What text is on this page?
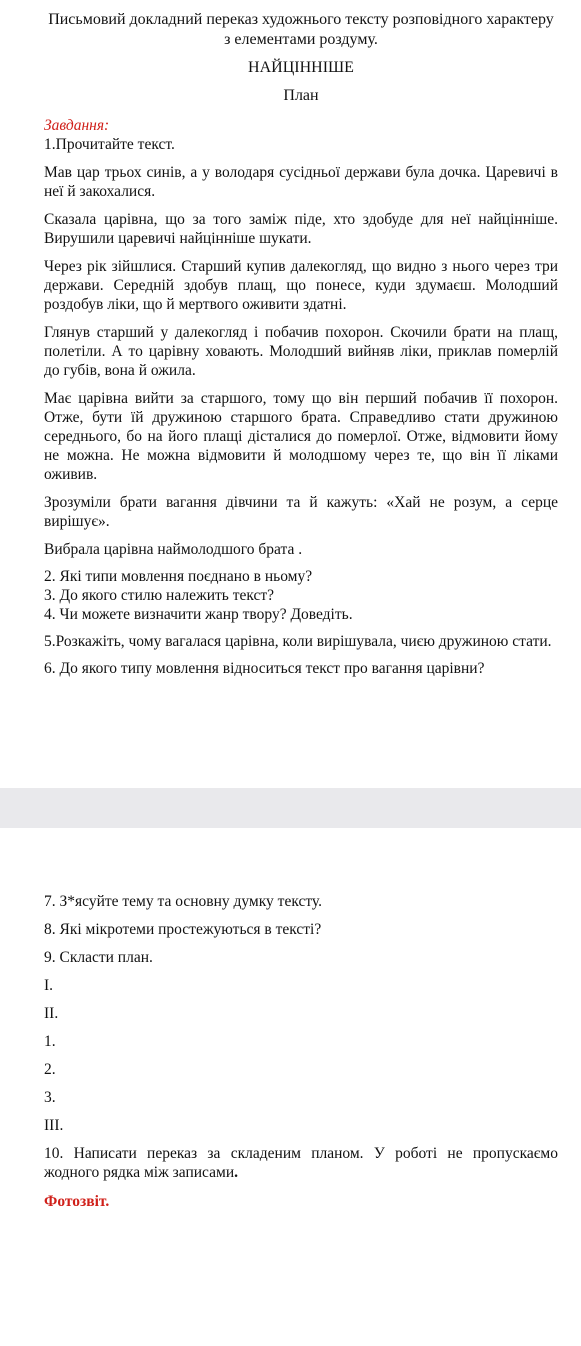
Письмовий докладний переказ художнього тексту розповідного характеру з елементами роздуму.
НАЙЦІННІШЕ
План
Завдання:
1.Прочитайте текст.
Мав цар трьох синів, а у володаря сусідньої держави була дочка. Царевичі в неї й закохалися.
Сказала царівна, що за того заміж піде, хто здобуде для неї найцінніше. Вирушили царевичі найцінніше шукати.
Через рік зійшлися. Старший купив далекогляд, що видно з нього через три держави. Середній здобув плащ, що понесе, куди здумаєш. Молодший роздобув ліки, що й мертвого оживити здатні.
Глянув старший у далекогляд і побачив похорон. Скочили брати на плащ, полетіли. А то царівну ховають. Молодший вийняв ліки, приклав померлій до губів, вона й ожила.
Має царівна вийти за старшого, тому що він перший побачив її похорон. Отже, бути їй дружиною старшого брата. Справедливо стати дружиною середнього, бо на його плащі дісталися до померлої. Отже, відмовити йому не можна. Не можна відмовити й молодшому через те, що він її ліками оживив.
Зрозуміли брати вагання дівчини та й кажуть: «Хай не розум, а серце вирішує».
Вибрала царівна наймолодшого брата .
2. Які типи мовлення поєднано в ньому?
3. До якого стилю належить текст?
4. Чи можете визначити жанр твору? Доведіть.
5.Розкажіть, чому вагалася царівна, коли вирішувала, чиєю дружиною стати.
6. До якого типу мовлення відноситься текст про вагання царівни?
7. З*ясуйте тему та основну думку тексту.
8. Які мікротеми простежуються в тексті?
9. Скласти план.
I.
II.
1.
2.
3.
III.
10. Написати переказ за складеним планом. У роботі не пропускаємо жодного рядка між записами.
Фотозвіт.
